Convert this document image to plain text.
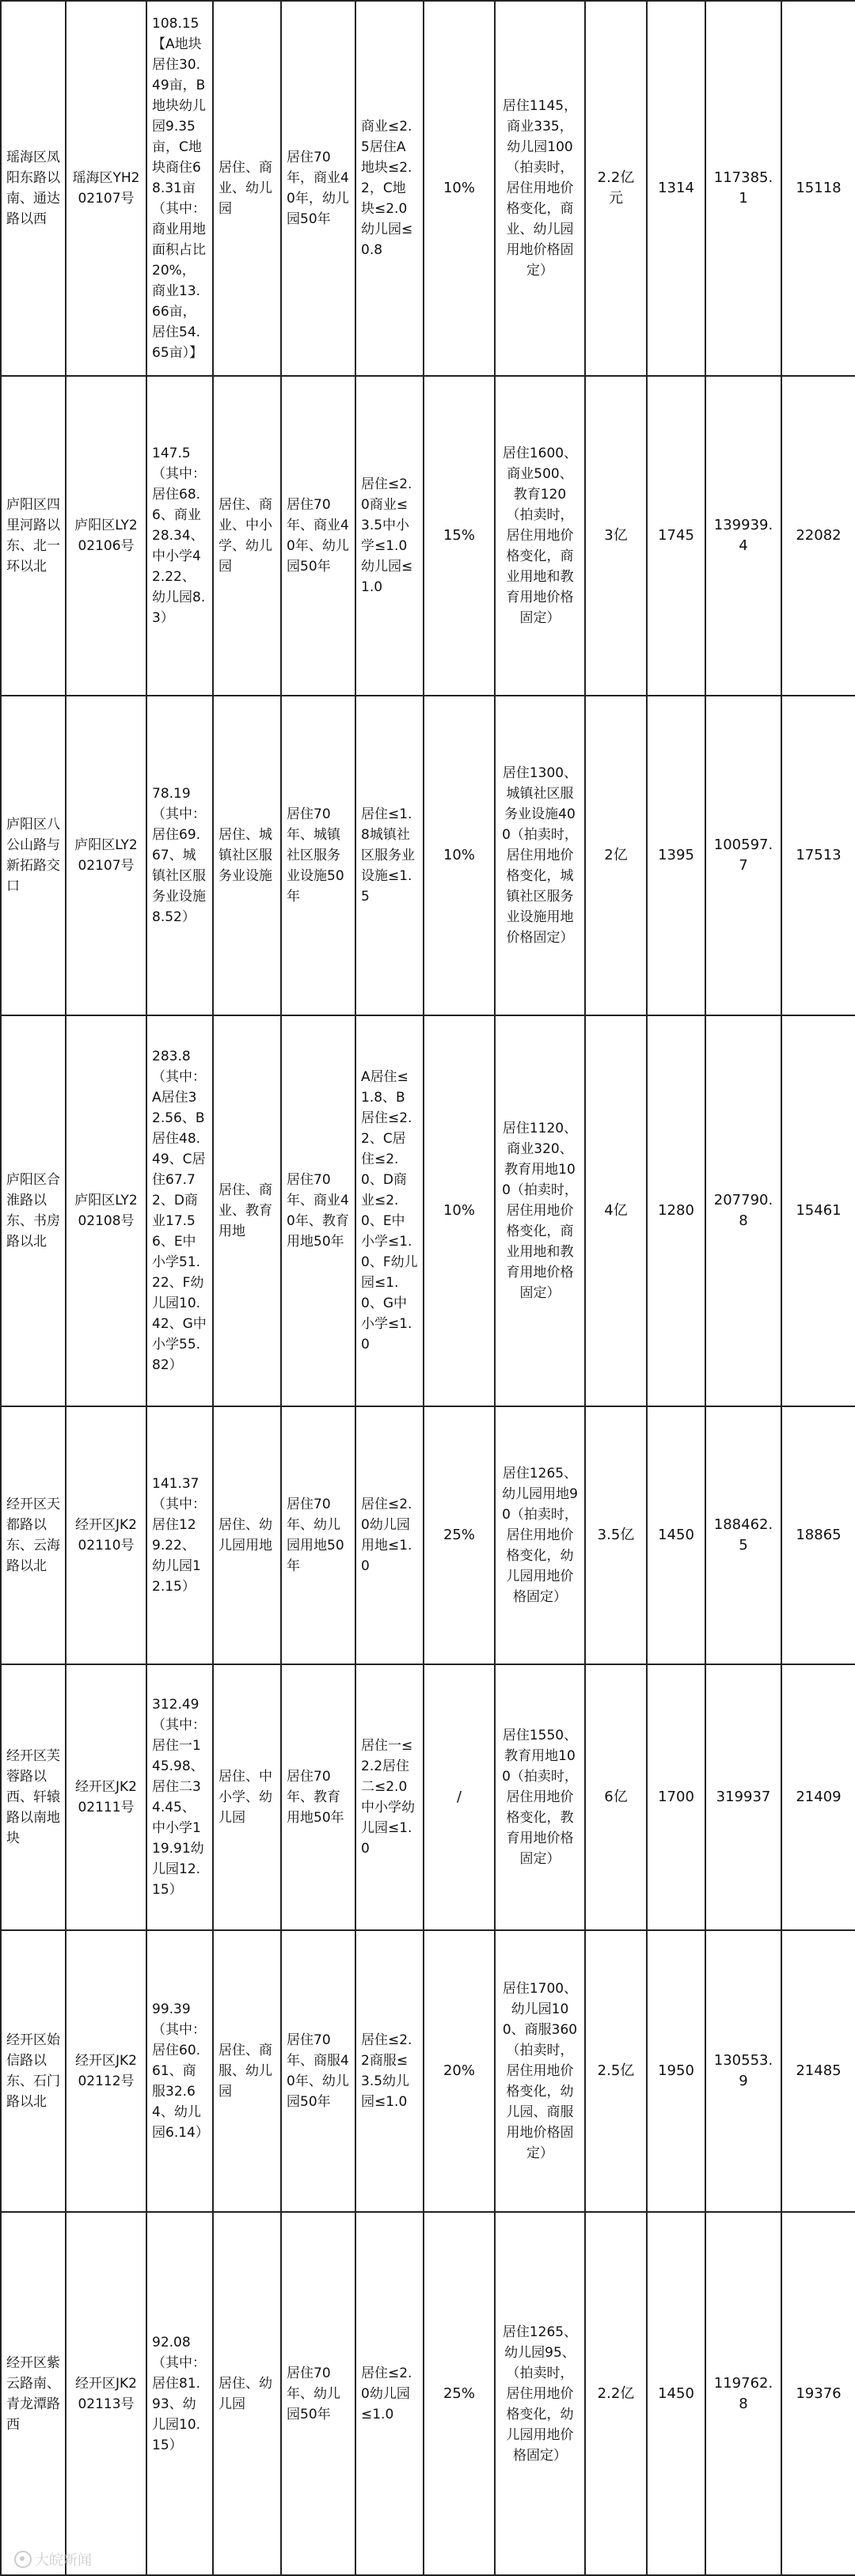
瑶海区凤阳东路以南、通达路以西	瑶海区YH202107号	108.15【A地块居住30.49亩，B地块幼儿园9.35亩，C地块商住68.31亩（其中：商业用地面积占比20%，商业13.66亩，居住54.65亩）】	居住、商业、幼儿园	居住70年，商业40年，幼儿园50年	商业≤2.5居住A地块≤2.2，C地块≤2.0幼儿园≤0.8	10%	居住1145，商业335，幼儿园100（拍卖时，居住用地价格变化，商业、幼儿园用地价格固定）	2.2亿元	1314	117385.1	15118
庐阳区四里河路以东、北一环以北	庐阳区LY202106号	147.5（其中：居住68.6、商业28.34、中小学42.22、幼儿园8.3）	居住、商业、中小学、幼儿园	居住70年、商业40年、幼儿园50年	居住≤2.0商业≤3.5中小学≤1.0幼儿园≤1.0	15%	居住1600、商业500、教育120（拍卖时，居住用地价格变化，商业用地和教育用地价格固定）	3亿	1745	139939.4	22082
庐阳区八公山路与新拓路交口	庐阳区LY202107号	78.19（其中：居住69.67、城镇社区服务业设施8.52）	居住、城镇社区服务业设施	居住70年、城镇社区服务业设施50年	居住≤1.8城镇社区服务业设施≤1.5	10%	居住1300、城镇社区服务业设施400（拍卖时，居住用地价格变化，城镇社区服务业设施用地价格固定）	2亿	1395	100597.7	17513
庐阳区合淮路以东、书房路以北	庐阳区LY202108号	283.8（其中：A居住32.56、B居住48.49、C居住67.72、D商业17.56、E中小学51.22、F幼儿园10.42、G中小学55.82）	居住、商业、教育用地	居住70年、商业40年、教育用地50年	A居住≤1.8、B居住≤2.2、C居住≤2.0、D商业≤2.0、E中小学≤1.0、F幼儿园≤1.0、G中小学≤1.0	10%	居住1120、商业320、教育用地100（拍卖时，居住用地价格变化，商业用地和教育用地价格固定）	4亿	1280	207790.8	15461
经开区天都路以东、云海路以北	经开区JK202110号	141.37（其中：居住129.22、幼儿园12.15）	居住、幼儿园用地	居住70年、幼儿园用地50年	居住≤2.0幼儿园用地≤1.0	25%	居住1265、幼儿园用地90（拍卖时，居住用地价格变化，幼儿园用地价格固定）	3.5亿	1450	188462.5	18865
经开区芙蓉路以西、轩辕路以南地块	经开区JK202111号	312.49（其中：居住一145.98、居住二34.45、中小学119.91幼儿园12.15）	居住、中小学、幼儿园	居住70年、教育用地50年	居住一≤2.2居住二≤2.0中小学幼儿园≤1.0	/	居住1550、教育用地100（拍卖时，居住用地价格变化，教育用地价格固定）	6亿	1700	319937	21409
经开区始信路以东、石门路以北	经开区JK202112号	99.39（其中：居住60.61、商服32.64、幼儿园6.14）	居住、商服、幼儿园	居住70年、商服40年、幼儿园50年	居住≤2.2商服≤3.5幼儿园≤1.0	20%	居住1700、幼儿园100、商服360（拍卖时，居住用地价格变化，幼儿园、商服用地价格固定）	2.5亿	1950	130553.9	21485
经开区紫云路南、青龙潭路西	经开区JK202113号	92.08（其中：居住81.93、幼儿园10.15）	居住、幼儿园	居住70年、幼儿园50年	居住≤2.0幼儿园≤1.0	25%	居住1265、幼儿园95、（拍卖时，居住用地价格变化，幼儿园用地价格固定）	2.2亿	1450	119762.8	19376
大皖新闻
